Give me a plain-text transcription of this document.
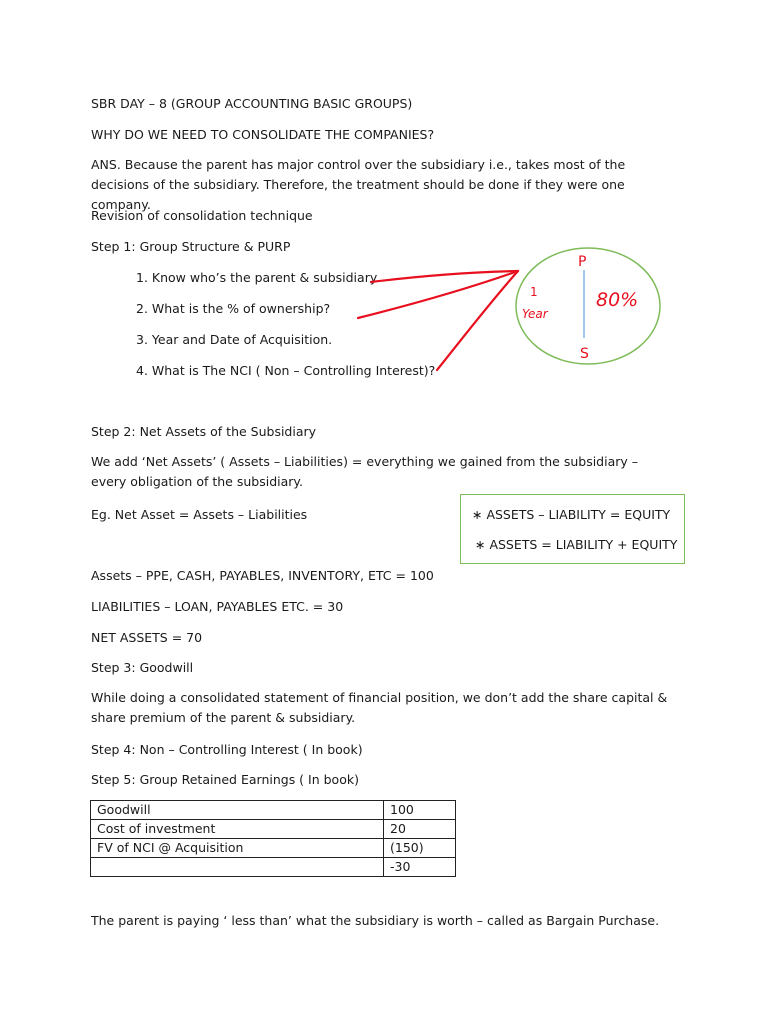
SBR DAY – 8 (GROUP ACCOUNTING BASIC GROUPS)
WHY DO WE NEED TO CONSOLIDATE THE COMPANIES?
ANS. Because the parent has major control over the subsidiary i.e., takes most of the decisions of the subsidiary. Therefore, the treatment should be done if they were one company.
Revision of consolidation technique
Step 1: Group Structure & PURP
1. Know who’s the parent & subsidiary
2. What is the % of ownership?
3. Year and Date of Acquisition.
4. What is The NCI ( Non – Controlling Interest)?
P
S
80%
1
Year
Step 2: Net Assets of the Subsidiary
We add ‘Net Assets’ ( Assets – Liabilities) = everything we gained from the subsidiary – every obligation of the subsidiary.
Eg. Net Asset = Assets – Liabilities	∗ ASSETS – LIABILITY = EQUITY
∗ ASSETS = LIABILITY + EQUITY
Assets – PPE, CASH, PAYABLES, INVENTORY, ETC = 100
LIABILITIES – LOAN, PAYABLES ETC. = 30
NET ASSETS = 70
Step 3: Goodwill
While doing a consolidated statement of financial position, we don’t add the share capital & share premium of the parent & subsidiary.
Step 4: Non – Controlling Interest ( In book)
Step 5: Group Retained Earnings ( In book)
Goodwill	100
Cost of investment	20
FV of NCI @ Acquisition	(150)
	-30
The parent is paying ‘ less than’ what the subsidiary is worth – called as Bargain Purchase.
